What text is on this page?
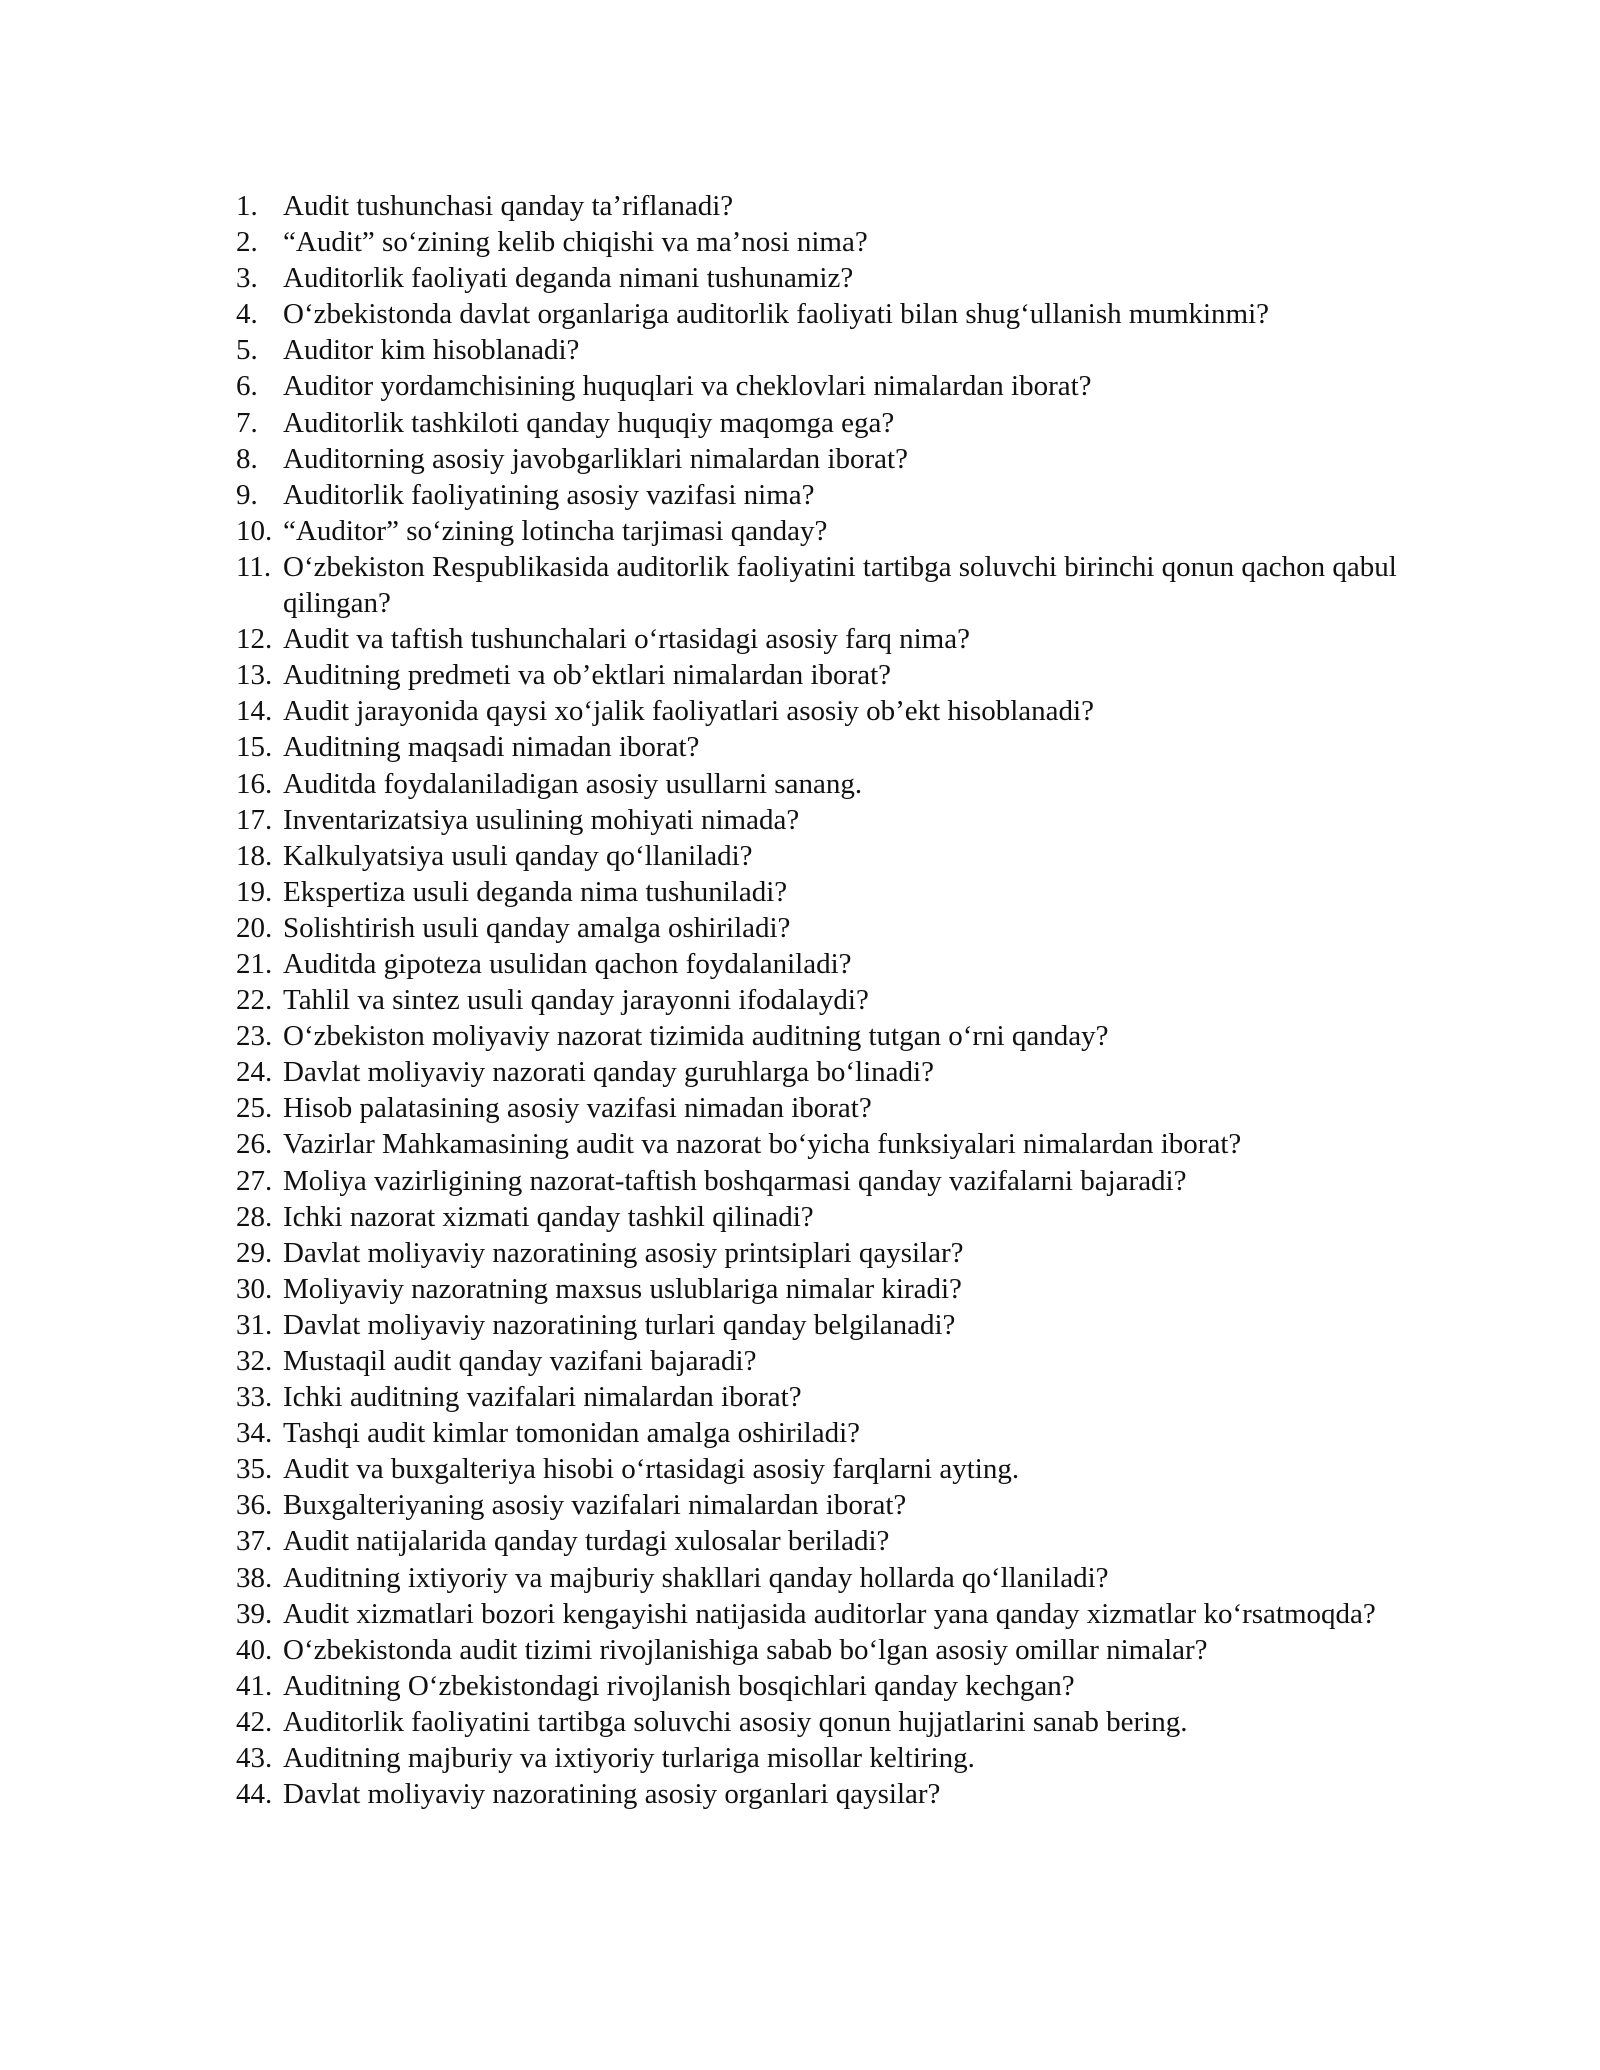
1. Audit tushunchasi qanday ta’riflanadi?
2. “Audit” so‘zining kelib chiqishi va ma’nosi nima?
3. Auditorlik faoliyati deganda nimani tushunamiz?
4. O‘zbekistonda davlat organlariga auditorlik faoliyati bilan shug‘ullanish mumkinmi?
5. Auditor kim hisoblanadi?
6. Auditor yordamchisining huquqlari va cheklovlari nimalardan iborat?
7. Auditorlik tashkiloti qanday huquqiy maqomga ega?
8. Auditorning asosiy javobgarliklari nimalardan iborat?
9. Auditorlik faoliyatining asosiy vazifasi nima?
10. “Auditor” so‘zining lotincha tarjimasi qanday?
11. O‘zbekiston Respublikasida auditorlik faoliyatini tartibga soluvchi birinchi qonun qachon qabul qilingan?
12. Audit va taftish tushunchalari o‘rtasidagi asosiy farq nima?
13. Auditning predmeti va ob’ektlari nimalardan iborat?
14. Audit jarayonida qaysi xo‘jalik faoliyatlari asosiy ob’ekt hisoblanadi?
15. Auditning maqsadi nimadan iborat?
16. Auditda foydalaniladigan asosiy usullarni sanang.
17. Inventarizatsiya usulining mohiyati nimada?
18. Kalkulyatsiya usuli qanday qo‘llaniladi?
19. Ekspertiza usuli deganda nima tushuniladi?
20. Solishtirish usuli qanday amalga oshiriladi?
21. Auditda gipoteza usulidan qachon foydalaniladi?
22. Tahlil va sintez usuli qanday jarayonni ifodalaydi?
23. O‘zbekiston moliyaviy nazorat tizimida auditning tutgan o‘rni qanday?
24. Davlat moliyaviy nazorati qanday guruhlarga bo‘linadi?
25. Hisob palatasining asosiy vazifasi nimadan iborat?
26. Vazirlar Mahkamasining audit va nazorat bo‘yicha funksiyalari nimalardan iborat?
27. Moliya vazirligining nazorat-taftish boshqarmasi qanday vazifalarni bajaradi?
28. Ichki nazorat xizmati qanday tashkil qilinadi?
29. Davlat moliyaviy nazoratining asosiy printsiplari qaysilar?
30. Moliyaviy nazoratning maxsus uslublariga nimalar kiradi?
31. Davlat moliyaviy nazoratining turlari qanday belgilanadi?
32. Mustaqil audit qanday vazifani bajaradi?
33. Ichki auditning vazifalari nimalardan iborat?
34. Tashqi audit kimlar tomonidan amalga oshiriladi?
35. Audit va buxgalteriya hisobi o‘rtasidagi asosiy farqlarni ayting.
36. Buxgalteriyaning asosiy vazifalari nimalardan iborat?
37. Audit natijalarida qanday turdagi xulosalar beriladi?
38. Auditning ixtiyoriy va majburiy shakllari qanday hollarda qo‘llaniladi?
39. Audit xizmatlari bozori kengayishi natijasida auditorlar yana qanday xizmatlar ko‘rsatmoqda?
40. O‘zbekistonda audit tizimi rivojlanishiga sabab bo‘lgan asosiy omillar nimalar?
41. Auditning O‘zbekistondagi rivojlanish bosqichlari qanday kechgan?
42. Auditorlik faoliyatini tartibga soluvchi asosiy qonun hujjatlarini sanab bering.
43. Auditning majburiy va ixtiyoriy turlariga misollar keltiring.
44. Davlat moliyaviy nazoratining asosiy organlari qaysilar?
